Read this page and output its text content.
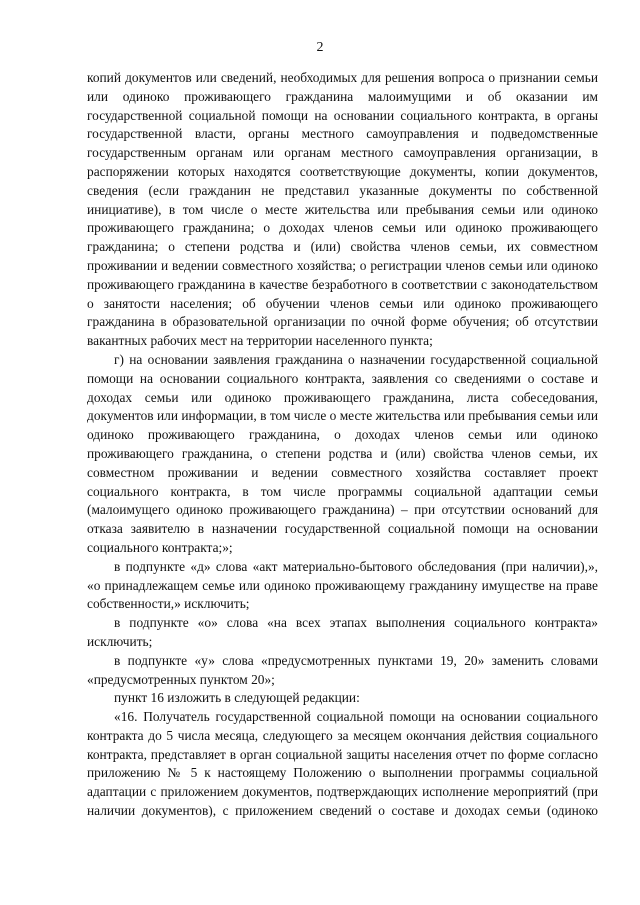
2

копий документов или сведений, необходимых для решения вопроса о признании семьи или одиноко проживающего гражданина малоимущими и об оказании им государственной социальной помощи на основании социального контракта, в органы государственной власти, органы местного самоуправления и подведомственные государственным органам или органам местного самоуправления организации, в распоряжении которых находятся соответствующие документы, копии документов, сведения (если гражданин не представил указанные документы по собственной инициативе), в том числе о месте жительства или пребывания семьи или одиноко проживающего гражданина; о доходах членов семьи или одиноко проживающего гражданина; о степени родства и (или) свойства членов семьи, их совместном проживании и ведении совместного хозяйства; о регистрации членов семьи или одиноко проживающего гражданина в качестве безработного в соответствии с законодательством о занятости населения; об обучении членов семьи или одиноко проживающего гражданина в образовательной организации по очной форме обучения; об отсутствии вакантных рабочих мест на территории населенного пункта;

г) на основании заявления гражданина о назначении государственной социальной помощи на основании социального контракта, заявления со сведениями о составе и доходах семьи или одиноко проживающего гражданина, листа собеседования, документов или информации, в том числе о месте жительства или пребывания семьи или одиноко проживающего гражданина, о доходах членов семьи или одиноко проживающего гражданина, о степени родства и (или) свойства членов семьи, их совместном проживании и ведении совместного хозяйства составляет проект социального контракта, в том числе программы социальной адаптации семьи (малоимущего одиноко проживающего гражданина) – при отсутствии оснований для отказа заявителю в назначении государственной социальной помощи на основании социального контракта;»;

в подпункте «д» слова «акт материально-бытового обследования (при наличии),», «о принадлежащем семье или одиноко проживающему гражданину имуществе на праве собственности,» исключить;

в подпункте «о» слова «на всех этапах выполнения социального контракта» исключить;

в подпункте «у» слова «предусмотренных пунктами 19, 20» заменить словами «предусмотренных пунктом 20»;

пункт 16 изложить в следующей редакции:

«16. Получатель государственной социальной помощи на основании социального контракта до 5 числа месяца, следующего за месяцем окончания действия социального контракта, представляет в орган социальной защиты населения отчет по форме согласно приложению № 5 к настоящему Положению о выполнении программы социальной адаптации с приложением документов, подтверждающих исполнение мероприятий (при наличии документов), с приложением сведений о составе и доходах семьи (одиноко
